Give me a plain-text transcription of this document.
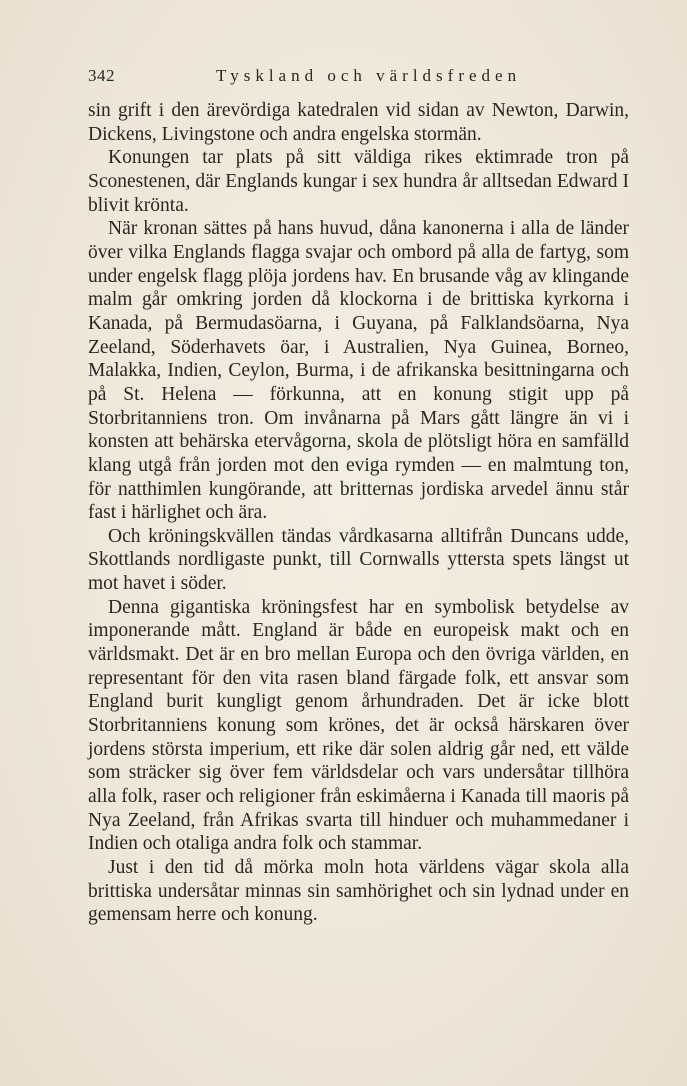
342	Tyskland och världsfreden

sin grift i den ärevördiga katedralen vid sidan av Newton, Darwin, Dickens, Livingstone och andra engelska stormän.

Konungen tar plats på sitt väldiga rikes ektimrade tron på Sconestenen, där Englands kungar i sex hundra år alltsedan Edward I blivit krönta.

När kronan sättes på hans huvud, dåna kanonerna i alla de länder över vilka Englands flagga svajar och ombord på alla de fartyg, som under engelsk flagg plöja jordens hav. En brusande våg av klingande malm går omkring jorden då klockorna i de brittiska kyrkorna i Kanada, på Bermudasöarna, i Guyana, på Falklandsöarna, Nya Zeeland, Söderhavets öar, i Australien, Nya Guinea, Borneo, Malakka, Indien, Ceylon, Burma, i de afrikanska besittningarna och på St. Helena — förkunna, att en konung stigit upp på Storbritanniens tron. Om invånarna på Mars gått längre än vi i konsten att behärska etervågorna, skola de plötsligt höra en samfälld klang utgå från jorden mot den eviga rymden — en malmtung ton, för natthimlen kungörande, att britternas jordiska arvedel ännu står fast i härlighet och ära.

Och kröningskvällen tändas vårdkasarna alltifrån Duncans udde, Skottlands nordligaste punkt, till Cornwalls yttersta spets längst ut mot havet i söder.

Denna gigantiska kröningsfest har en symbolisk betydelse av imponerande mått. England är både en europeisk makt och en världsmakt. Det är en bro mellan Europa och den övriga världen, en representant för den vita rasen bland färgade folk, ett ansvar som England burit kungligt genom århundraden. Det är icke blott Storbritanniens konung som krönes, det är också härskaren över jordens största imperium, ett rike där solen aldrig går ned, ett välde som sträcker sig över fem världsdelar och vars undersåtar tillhöra alla folk, raser och religioner från eskimåerna i Kanada till maoris på Nya Zeeland, från Afrikas svarta till hinduer och muhammedaner i Indien och otaliga andra folk och stammar.

Just i den tid då mörka moln hota världens vägar skola alla brittiska undersåtar minnas sin samhörighet och sin lydnad under en gemensam herre och konung.
